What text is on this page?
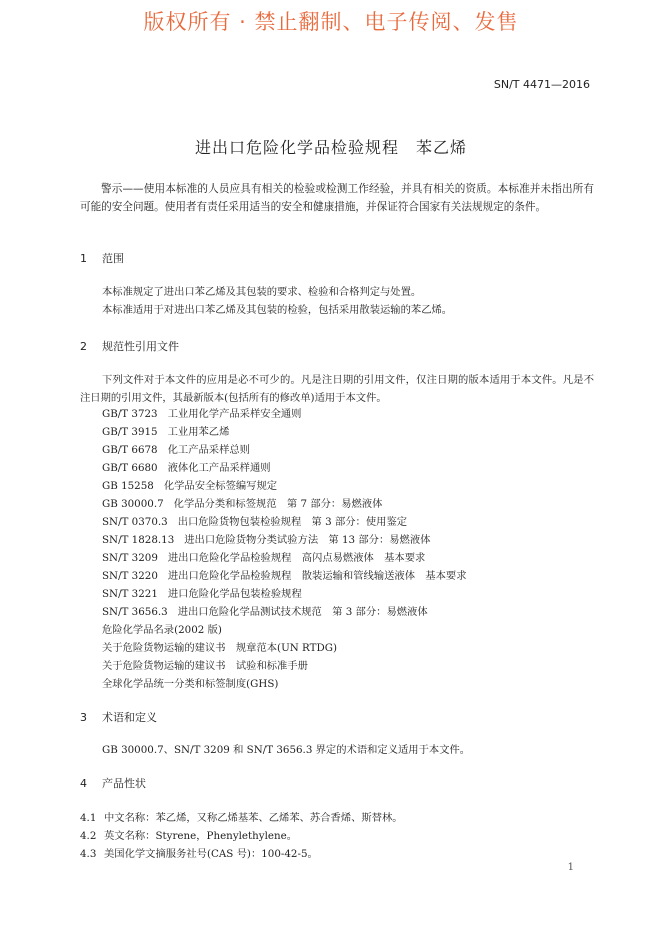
版权所有 · 禁止翻制、电子传阅、发售
SN/T 4471—2016
进出口危险化学品检验规程　苯乙烯
警示——使用本标准的人员应具有相关的检验或检测工作经验，并具有相关的资质。本标准并未指出所有可能的安全问题。使用者有责任采用适当的安全和健康措施，并保证符合国家有关法规规定的条件。
1 范围
本标准规定了进出口苯乙烯及其包装的要求、检验和合格判定与处置。
本标准适用于对进出口苯乙烯及其包装的检验，包括采用散装运输的苯乙烯。
2 规范性引用文件
下列文件对于本文件的应用是必不可少的。凡是注日期的引用文件，仅注日期的版本适用于本文件。凡是不注日期的引用文件，其最新版本(包括所有的修改单)适用于本文件。
GB/T 3723 工业用化学产品采样安全通则
GB/T 3915 工业用苯乙烯
GB/T 6678 化工产品采样总则
GB/T 6680 液体化工产品采样通则
GB 15258 化学品安全标签编写规定
GB 30000.7 化学品分类和标签规范　第 7 部分：易燃液体
SN/T 0370.3 出口危险货物包装检验规程　第 3 部分：使用鉴定
SN/T 1828.13 进出口危险货物分类试验方法　第 13 部分：易燃液体
SN/T 3209 进出口危险化学品检验规程　高闪点易燃液体　基本要求
SN/T 3220 进出口危险化学品检验规程　散装运输和管线输送液体　基本要求
SN/T 3221 进口危险化学品包装检验规程
SN/T 3656.3 进出口危险化学品测试技术规范　第 3 部分：易燃液体
危险化学品名录(2002 版)
关于危险货物运输的建议书　规章范本(UN RTDG)
关于危险货物运输的建议书　试验和标准手册
全球化学品统一分类和标签制度(GHS)
3 术语和定义
GB 30000.7、SN/T 3209 和 SN/T 3656.3 界定的术语和定义适用于本文件。
4 产品性状
4.1 中文名称：苯乙烯，又称乙烯基苯、乙烯苯、苏合香烯、斯替林。
4.2 英文名称：Styrene，Phenylethylene。
4.3 美国化学文摘服务社号(CAS 号)：100-42-5。
1
